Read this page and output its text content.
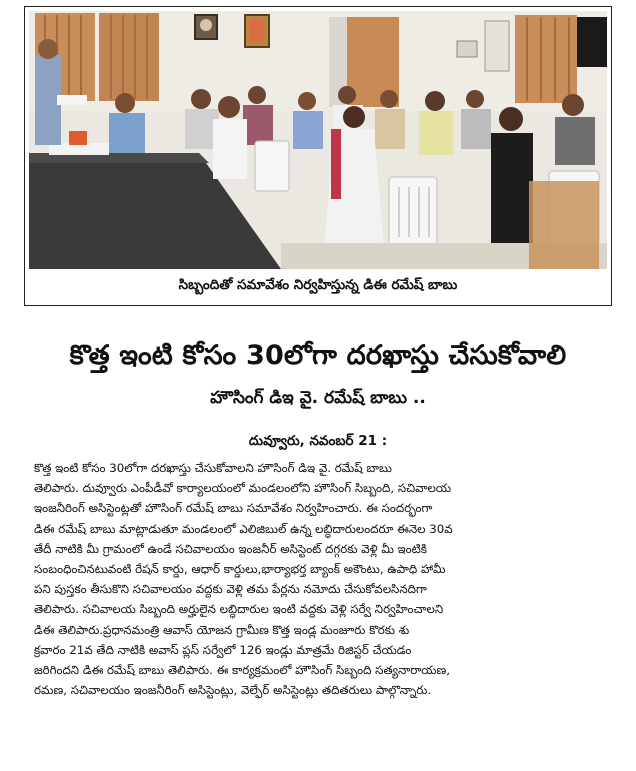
సిబ్బందితో సమావేశం నిర్వహిస్తున్న డిఈ రమేష్ బాబు
కొత్త ఇంటి కోసం 30లోగా దరఖాస్తు చేసుకోవాలి
హౌసింగ్ డిఇ వై. రమేష్ బాబు ..
దువ్వూరు, నవంబర్ 21 :
కొత్త ఇంటి కోసం 30లోగా దరఖాస్తు చేసుకోవాలని హౌసింగ్ డిఇ వై. రమేష్ బాబు
తెలిపారు. దువ్వూరు ఎంపీడీవో కార్యాలయంలో మండలంలోని హౌసింగ్ సిబ్బంది, సచివాలయ
ఇంజనీరింగ్ అసిస్టెంట్లతో హౌసింగ్ రమేష్ బాబు సమావేశం నిర్వహించారు. ఈ సందర్భంగా
డిఈ రమేష్ బాబు మాట్లాడుతూ మండలంలో ఎలిజిబుల్ ఉన్న లబ్ధిదారులందరూ ఈనెల 30వ
తేదీ నాటికి మీ గ్రామంలో ఉండే సచివాలయం ఇంజనీర్ అసిస్టెంట్ దగ్గరకు వెళ్లి మీ ఇంటికి
సంబంధించినటువంటి రేషన్ కార్డు, ఆధార్ కార్డులు,భార్యాభర్త బ్యాంక్ అకౌంటు, ఉపాధి హామీ
పని పుస్తకం తీసుకొని సచివాలయం వద్దకు వెళ్లి తమ పేర్లను నమోదు చేసుకోవలసినదిగా
తెలిపారు. సచివాలయ సిబ్బంది అర్హులైన లబ్ధిదారుల ఇంటి వద్దకు వెళ్లి సర్వే నిర్వహించాలని
డిఈ తెలిపారు.ప్రధానమంత్రి ఆవాస్ యోజన గ్రామీణ కొత్త ఇండ్ల మంజూరు కొరకు శు
క్రవారం 21వ తేది నాటికి అవాస్ ప్లస్ సర్వేలో 126 ఇండ్లు మాత్రమే రిజిస్టర్ చేయడం
జరిగిందని డిఈ రమేష్ బాబు తెలిపారు. ఈ కార్యక్రమంలో హౌసింగ్ సిబ్బంది సత్యనారాయణ,
రమణ, సచివాలయం ఇంజనీరింగ్ అసిస్టెంట్లు, వెల్ఫేర్ అసిస్టెంట్లు తదితరులు పాల్గొన్నారు.
